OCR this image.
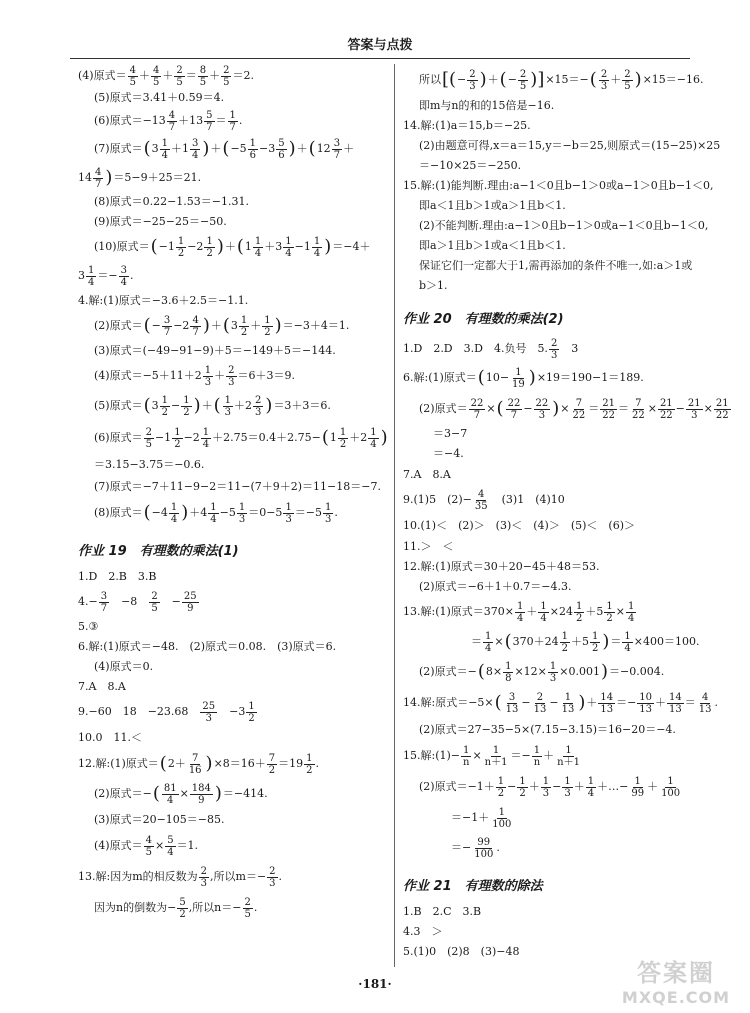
答案与点拨
(4)原式＝ $\frac{4}{5} + \frac{4}{5} + \frac{2}{5} = \frac{8}{5} + \frac{2}{5} =2$.
(5)原式＝3.41＋0.59＝4.
(6)原式$=-13 \frac{4}{7} +13 \frac{5}{7} = \frac{1}{7}$ .
(7)原式＝ ( $3 \frac{1}{4} +1 \frac{3}{4}$ ) ＋ ( $-5 \frac{1}{6} -3 \frac{5}{6}$ ) ＋ ( $12 \frac{3}{7}$ ＋
$14 \frac{4}{7}$ ) ＝5−9＋25＝21.
(8)原式＝0.22−1.53＝−1.31.
(9)原式＝−25−25＝−50.
(10)原式＝ ( $-1 \frac{1}{2} -2 \frac{1}{2}$ ) ＋ ( $1 \frac{1}{4} +3 \frac{1}{4} -1 \frac{1}{4}$ ) ＝−4＋
$3 \frac{1}{4} =- \frac{3}{4}$ .
4.解:(1)原式＝−3.6＋2.5＝−1.1.
(2)原式＝ ( − $\frac{3}{7} -2 \frac{4}{7}$ ) ＋ ( $3 \frac{1}{2} + \frac{1}{2}$ ) ＝−3＋4＝1.
(3)原式＝(−49−91−9)＋5＝−149＋5＝−144.
(4)原式$=-5+11+2 \frac{1}{3} + \frac{2}{3} =6+3=9$.
(5)原式＝ ( $3 \frac{1}{2} - \frac{1}{2}$ ) ＋ ( $\frac{1}{3} +2 \frac{2}{3}$ ) ＝3＋3＝6.
(6)原式＝ $\frac{2}{5} -1 \frac{1}{2} -2 \frac{1}{4} +2.75=0.4+2.75-$ ( $1 \frac{1}{2} +2 \frac{1}{4}$ )
＝3.15−3.75＝−0.6.
(7)原式＝−7＋11−9−2＝11−(7＋9＋2)＝11−18＝−7.
(8)原式＝ ( $-4 \frac{1}{4}$ ) $+4 \frac{1}{4} -5 \frac{1}{3} =0-5 \frac{1}{3} =-5 \frac{1}{3}$ .
作业 19　有理数的乘法(1)
1.D　2.B　3.B
$4.- \frac{3}{7}$ 　−8　 $\frac{2}{5}$ 　− $\frac{25}{9}$
5.③
6.解:(1)原式＝−48.　(2)原式＝0.08.　(3)原式＝6.
(4)原式＝0.
7.A　8.A
9.−60　18　−23.68　 $\frac{25}{3}$ 　$-3 \frac{1}{2}$
10.0　11.＜
12.解:(1)原式＝ ( $2+ \frac{7}{16}$ ) $\times 8=16+ \frac{7}{2} =19 \frac{1}{2}$ .
(2)原式＝− ( $\frac{81}{4} \times \frac{184}{9}$ ) ＝−414.
(3)原式＝20−105＝−85.
(4)原式＝ $\frac{4}{5} \times \frac{5}{4} =1$.
13.解:因为m的相反数为 $\frac{2}{3}$ ,所以$m=- \frac{2}{3}$ .
因为n的倒数为− $\frac{5}{2}$ ,所以$n=- \frac{2}{5}$ .
所以 [( − $\frac{2}{3}$ ) ＋ ( − $\frac{2}{5}$ )] ×15＝− ( $\frac{2}{3} + \frac{2}{5}$ ) ×15＝−16.
即m与n的和的15倍是−16.
14.解:(1)a＝15,b＝−25.
(2)由题意可得,x＝a＝15,y＝−b＝25,则原式＝(15−25)×25
＝−10×25＝−250.
15.解:(1)能判断.理由:a−1＜0且b−1＞0或a−1＞0且b−1＜0,
即a＜1且b＞1或a＞1且b＜1.
(2)不能判断.理由:a−1＞0且b−1＞0或a−1＜0且b−1＜0,
即a＞1且b＞1或a＜1且b＜1.
保证它们一定都大于1,需再添加的条件不唯一,如:a＞1或
b＞1.
作业 20　有理数的乘法(2)
1.D　2.D　3.D　4.负号　5. $\frac{2}{3}$ 　3
6.解:(1)原式＝ ( $10- \frac{1}{19}$ ) ×19＝190−1＝189.
(2)原式＝ $\frac{22}{7}$ × ( $\frac{22}{7} - \frac{22}{3}$ ) × $\frac{7}{22} = \frac{21}{22} = \frac{7}{22} \times \frac{21}{22} - \frac{21}{3} \times \frac{21}{22}$
＝3−7
＝−4.
7.A　8.A
9.(1)5　$(2)- \frac{4}{35}$ 　(3)1　(4)10
10.(1)＜　(2)＞　(3)＜　(4)＞　(5)＜　(6)＞
11.＞　＜
12.解:(1)原式＝30＋20−45＋48＝53.
(2)原式＝−6＋1＋0.7＝−4.3.
13.解:(1)原式$=370\times \frac{1}{4} + \frac{1}{4} \times 24 \frac{1}{2} +5 \frac{1}{2} \times \frac{1}{4}$
＝ $\frac{1}{4}$ × ( $370+24 \frac{1}{2} +5 \frac{1}{2}$ ) ＝ $\frac{1}{4} \times 400=100$.
(2)原式＝− ( $8\times \frac{1}{8} \times 12\times \frac{1}{3} \times 0.001$ ) ＝−0.004.
14.解:原式＝−5× ( $\frac{3}{13} - \frac{2}{13} - \frac{1}{13}$ ) ＋ $\frac{14}{13} =- \frac{10}{13} + \frac{14}{13} = \frac{4}{13}$ .
(2)原式＝27−35−5×(7.15−3.15)＝16−20＝−4.
15.解:(1)− $\frac{1}{n} \times \frac{1}{n+1} =- \frac{1}{n} + \frac{1}{n+1}$
(2)原式$=-1+ \frac{1}{2} - \frac{1}{2} + \frac{1}{3} - \frac{1}{3} + \frac{1}{4}$ ＋…− $\frac{1}{99} + \frac{1}{100}$
$=-1+ \frac{1}{100}$
＝− $\frac{99}{100}$ .
作业 21　有理数的除法
1.B　2.C　3.B
4.3　＞
5.(1)0　(2)8　(3)−48
·181·	答案圈
MXQE.COM
